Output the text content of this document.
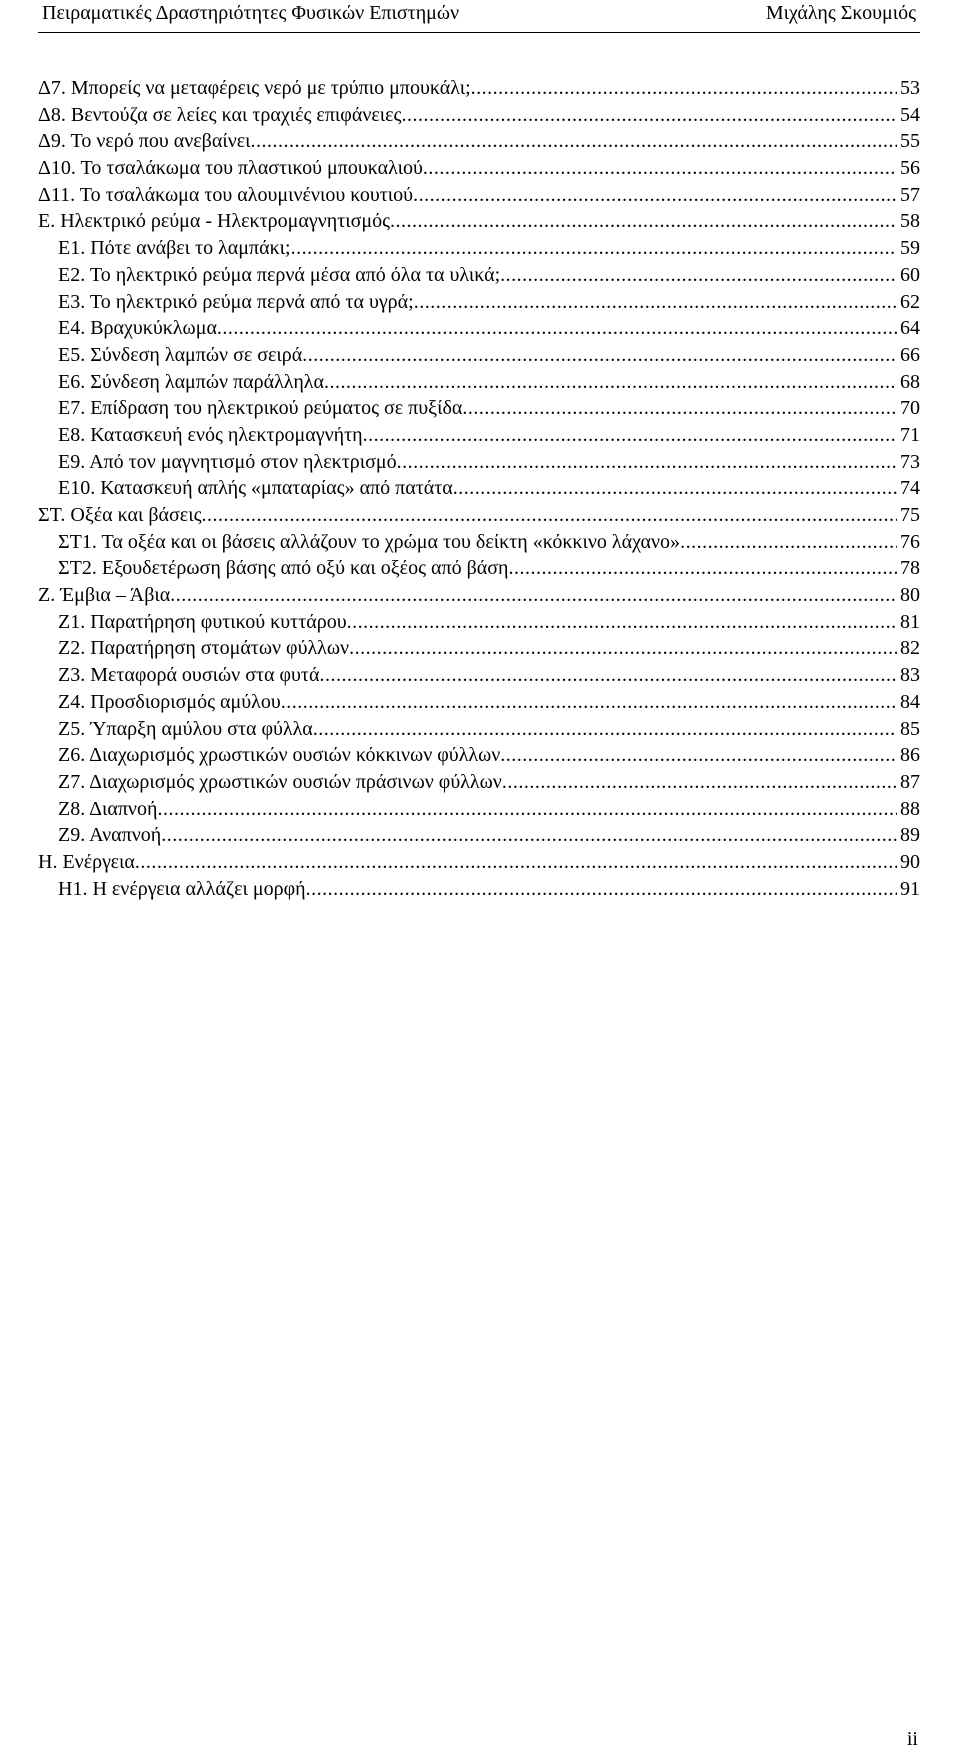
Πειραματικές Δραστηριότητες Φυσικών Επιστημών	Μιχάλης Σκουμιός
Δ7. Μπορείς να μεταφέρεις νερό με τρύπιο μπουκάλι; .....	53
Δ8. Βεντούζα σε λείες και τραχιές επιφάνειες .....	54
Δ9. Το νερό που ανεβαίνει .....	55
Δ10. Το τσαλάκωμα του πλαστικού μπουκαλιού .....	56
Δ11. Το τσαλάκωμα του αλουμινένιου κουτιού .....	57
Ε. Ηλεκτρικό ρεύμα - Ηλεκτρομαγνητισμός .....	58
Ε1. Πότε ανάβει το λαμπάκι; .....	59
Ε2. Το ηλεκτρικό ρεύμα περνά μέσα από όλα τα υλικά; .....	60
Ε3. Το ηλεκτρικό ρεύμα περνά από τα υγρά; .....	62
Ε4. Βραχυκύκλωμα .....	64
Ε5. Σύνδεση λαμπών σε σειρά .....	66
Ε6. Σύνδεση λαμπών παράλληλα .....	68
Ε7. Επίδραση του ηλεκτρικού ρεύματος σε πυξίδα .....	70
Ε8. Κατασκευή ενός ηλεκτρομαγνήτη .....	71
Ε9. Από τον μαγνητισμό στον ηλεκτρισμό .....	73
Ε10. Κατασκευή απλής «μπαταρίας» από πατάτα .....	74
ΣΤ. Οξέα και βάσεις .....	75
ΣΤ1. Τα οξέα και οι βάσεις αλλάζουν το χρώμα του δείκτη «κόκκινο λάχανο» .....	76
ΣΤ2. Εξουδετέρωση βάσης από οξύ και οξέος από βάση .....	78
Ζ. Έμβια – Άβια .....	80
Ζ1. Παρατήρηση φυτικού κυττάρου .....	81
Ζ2. Παρατήρηση στομάτων φύλλων .....	82
Ζ3. Μεταφορά ουσιών στα φυτά .....	83
Ζ4. Προσδιορισμός αμύλου .....	84
Ζ5. Ύπαρξη αμύλου στα φύλλα .....	85
Ζ6. Διαχωρισμός χρωστικών ουσιών κόκκινων φύλλων .....	86
Ζ7. Διαχωρισμός χρωστικών ουσιών πράσινων φύλλων .....	87
Ζ8. Διαπνοή .....	88
Ζ9. Αναπνοή .....	89
Η. Ενέργεια .....	90
Η1. Η ενέργεια αλλάζει μορφή .....	91
ii
